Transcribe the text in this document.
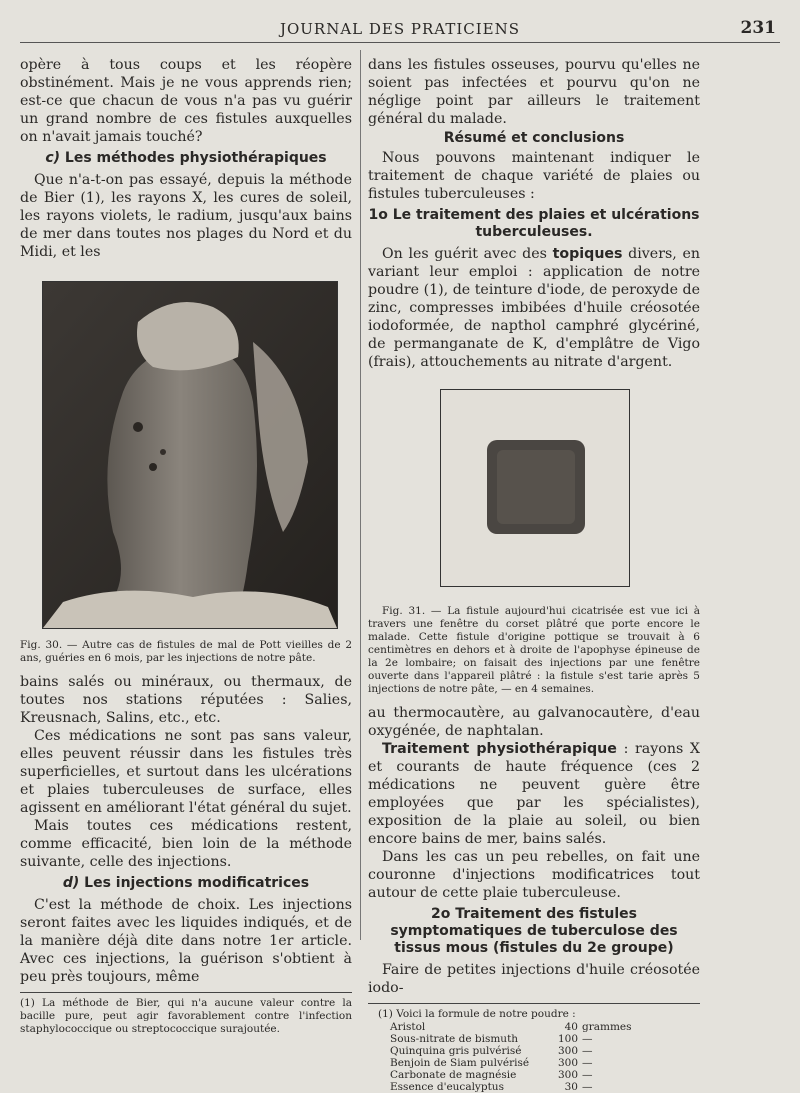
JOURNAL DES PRATICIENS	231

opère à tous coups et les réopère obstinément. Mais je ne vous apprends rien; est-ce que chacun de vous n'a pas vu guérir un grand nombre de ces fistules auxquelles on n'avait jamais touché?

c) Les méthodes physiothérapiques

Que n'a-t-on pas essayé, depuis la méthode de Bier (1), les rayons X, les cures de soleil, les rayons violets, le radium, jusqu'aux bains de mer dans toutes nos plages du Nord et du Midi, et les

Fig. 30. — Autre cas de fistules de mal de Pott vieilles de 2 ans, guéries en 6 mois, par les injections de notre pâte.

bains salés ou minéraux, ou thermaux, de toutes nos stations réputées : Salies, Kreusnach, Salins, etc., etc.

Ces médications ne sont pas sans valeur, elles peuvent réussir dans les fistules très superficielles, et surtout dans les ulcérations et plaies tuberculeuses de surface, elles agissent en améliorant l'état général du sujet.

Mais toutes ces médications restent, comme efficacité, bien loin de la méthode suivante, celle des injections.

d) Les injections modificatrices

C'est la méthode de choix. Les injections seront faites avec les liquides indiqués, et de la manière déjà dite dans notre 1er article. Avec ces injections, la guérison s'obtient à peu près toujours, même

(1) La méthode de Bier, qui n'a aucune valeur contre la bacille pure, peut agir favorablement contre l'infection staphylococcique ou streptococcique surajoutée.

dans les fistules osseuses, pourvu qu'elles ne soient pas infectées et pourvu qu'on ne néglige point par ailleurs le traitement général du malade.

Résumé et conclusions

Nous pouvons maintenant indiquer le traitement de chaque variété de plaies ou fistules tuberculeuses :

1o Le traitement des plaies et ulcérations tuberculeuses.

On les guérit avec des topiques divers, en variant leur emploi : application de notre poudre (1), de teinture d'iode, de peroxyde de zinc, compresses imbibées d'huile créosotée iodoformée, de napthol camphré glycériné, de permanganate de K, d'emplâtre de Vigo (frais), attouchements au nitrate d'argent.

Fig. 31. — La fistule aujourd'hui cicatrisée est vue ici à travers une fenêtre du corset plâtré que porte encore le malade. Cette fistule d'origine pottique se trouvait à 6 centimètres en dehors et à droite de l'apophyse épineuse de la 2e lombaire; on faisait des injections par une fenêtre ouverte dans l'appareil plâtré : la fistule s'est tarie après 5 injections de notre pâte, — en 4 semaines.

au thermocautère, au galvanocautère, d'eau oxygénée, de naphtalan.

Traitement physiothérapique : rayons X et courants de haute fréquence (ces 2 médications ne peuvent guère être employées que par les spécialistes), exposition de la plaie au soleil, ou bien encore bains de mer, bains salés.

Dans les cas un peu rebelles, on fait une couronne d'injections modificatrices tout autour de cette plaie tuberculeuse.

2o Traitement des fistules symptomatiques de tuberculose des tissus mous (fistules du 2e groupe)

Faire de petites injections d'huile créosotée iodo-

(1) Voici la formule de notre poudre :

Aristol	40	grammes
Sous-nitrate de bismuth	100	—
Quinquina gris pulvérisé	300	—
Benjoin de Siam pulvérisé	300	—
Carbonate de magnésie	300	—
Essence d'eucalyptus	30	—
